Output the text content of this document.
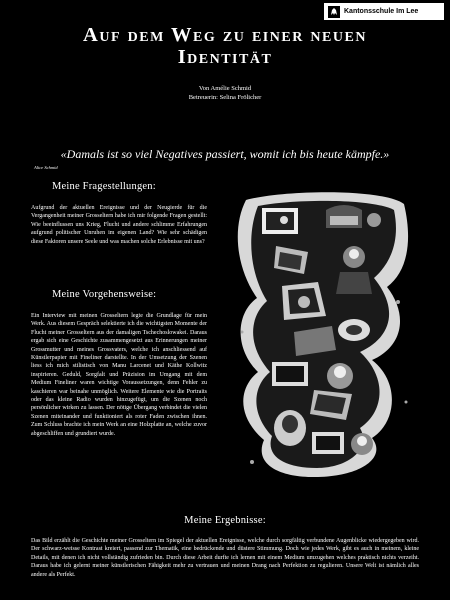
Kantonsschule Im Lee
Auf dem Weg zu einer neuen
Identität
Von Amélie Schmid
Betreuerin: Selina Frölicher
«Damals ist so viel Negatives passiert, womit ich bis heute kämpfe.»
Alice Schmid
Meine Fragestellungen:
Aufgrund der aktuellen Ereignisse und der Neugierde für die Vergangenheit meiner Grosseltern habe ich mir folgende Fragen gestellt: Wie beeinflussen uns Krieg, Flucht und andere schlimme Erfahrungen aufgrund politischer Unruhen im eigenen Land? Wie sehr schädigen diese Faktoren unsere Seele und was machen solche Erlebnisse mit uns?
Meine Vorgehensweise:
Ein Interview mit meinen Grosseltern legte die Grundlage für mein Werk. Aus diesem Gespräch selektierte ich die wichtigsten Momente der Flucht meiner Grosseltern aus der damaligen Tschechoslowakei. Daraus ergab sich eine Geschichte zusammengesetzt aus Erinnerungen meiner Grossmutter und meines Grossvaters, welche ich anschliessend auf Künstlerpapier mit Fineliner darstellte. In der Umsetzung der Szenen liess ich mich stilistisch von Manu Larcenet und Käthe Kollwitz inspirieren. Geduld, Sorgfalt und Präzision im Umgang mit dem Medium Fineliner waren wichtige Voraussetzungen, denn Fehler zu kaschieren war beinahe unmöglich. Weitere Elemente wie die Portraits oder das kleine Radio wurden hinzugefügt, um die Szenen noch persönlicher wirken zu lassen. Der nötige Übergang verbindet die vielen Szenen miteinander und funktioniert als roter Faden zwischen ihnen. Zum Schluss brachte ich mein Werk an eine Holzplatte an, welche zuvor abgeschliffen und grundiert wurde.
Meine Ergebnisse:
Das Bild erzählt die Geschichte meiner Grosseltern im Spiegel der aktuellen Ereignisse, welche durch sorgfältig verbundene Augenblicke wiedergegeben wird. Der schwarz-weisse Kontrast kreiert, passend zur Thematik, eine bedrückende und düstere Stimmung. Doch wie jedes Werk, gibt es auch in meinem, kleine Details, mit denen ich nicht vollständig zufrieden bin. Durch diese Arbeit durfte ich lernen mit einem Medium umzugehen welches praktisch nichts verzeiht. Daraus habe ich gelernt meiner künstlerischen Fähigkeit mehr zu vertrauen und meinen Drang nach Perfektion zu regulieren. Unsere Welt ist nämlich alles andere als Perfekt.
